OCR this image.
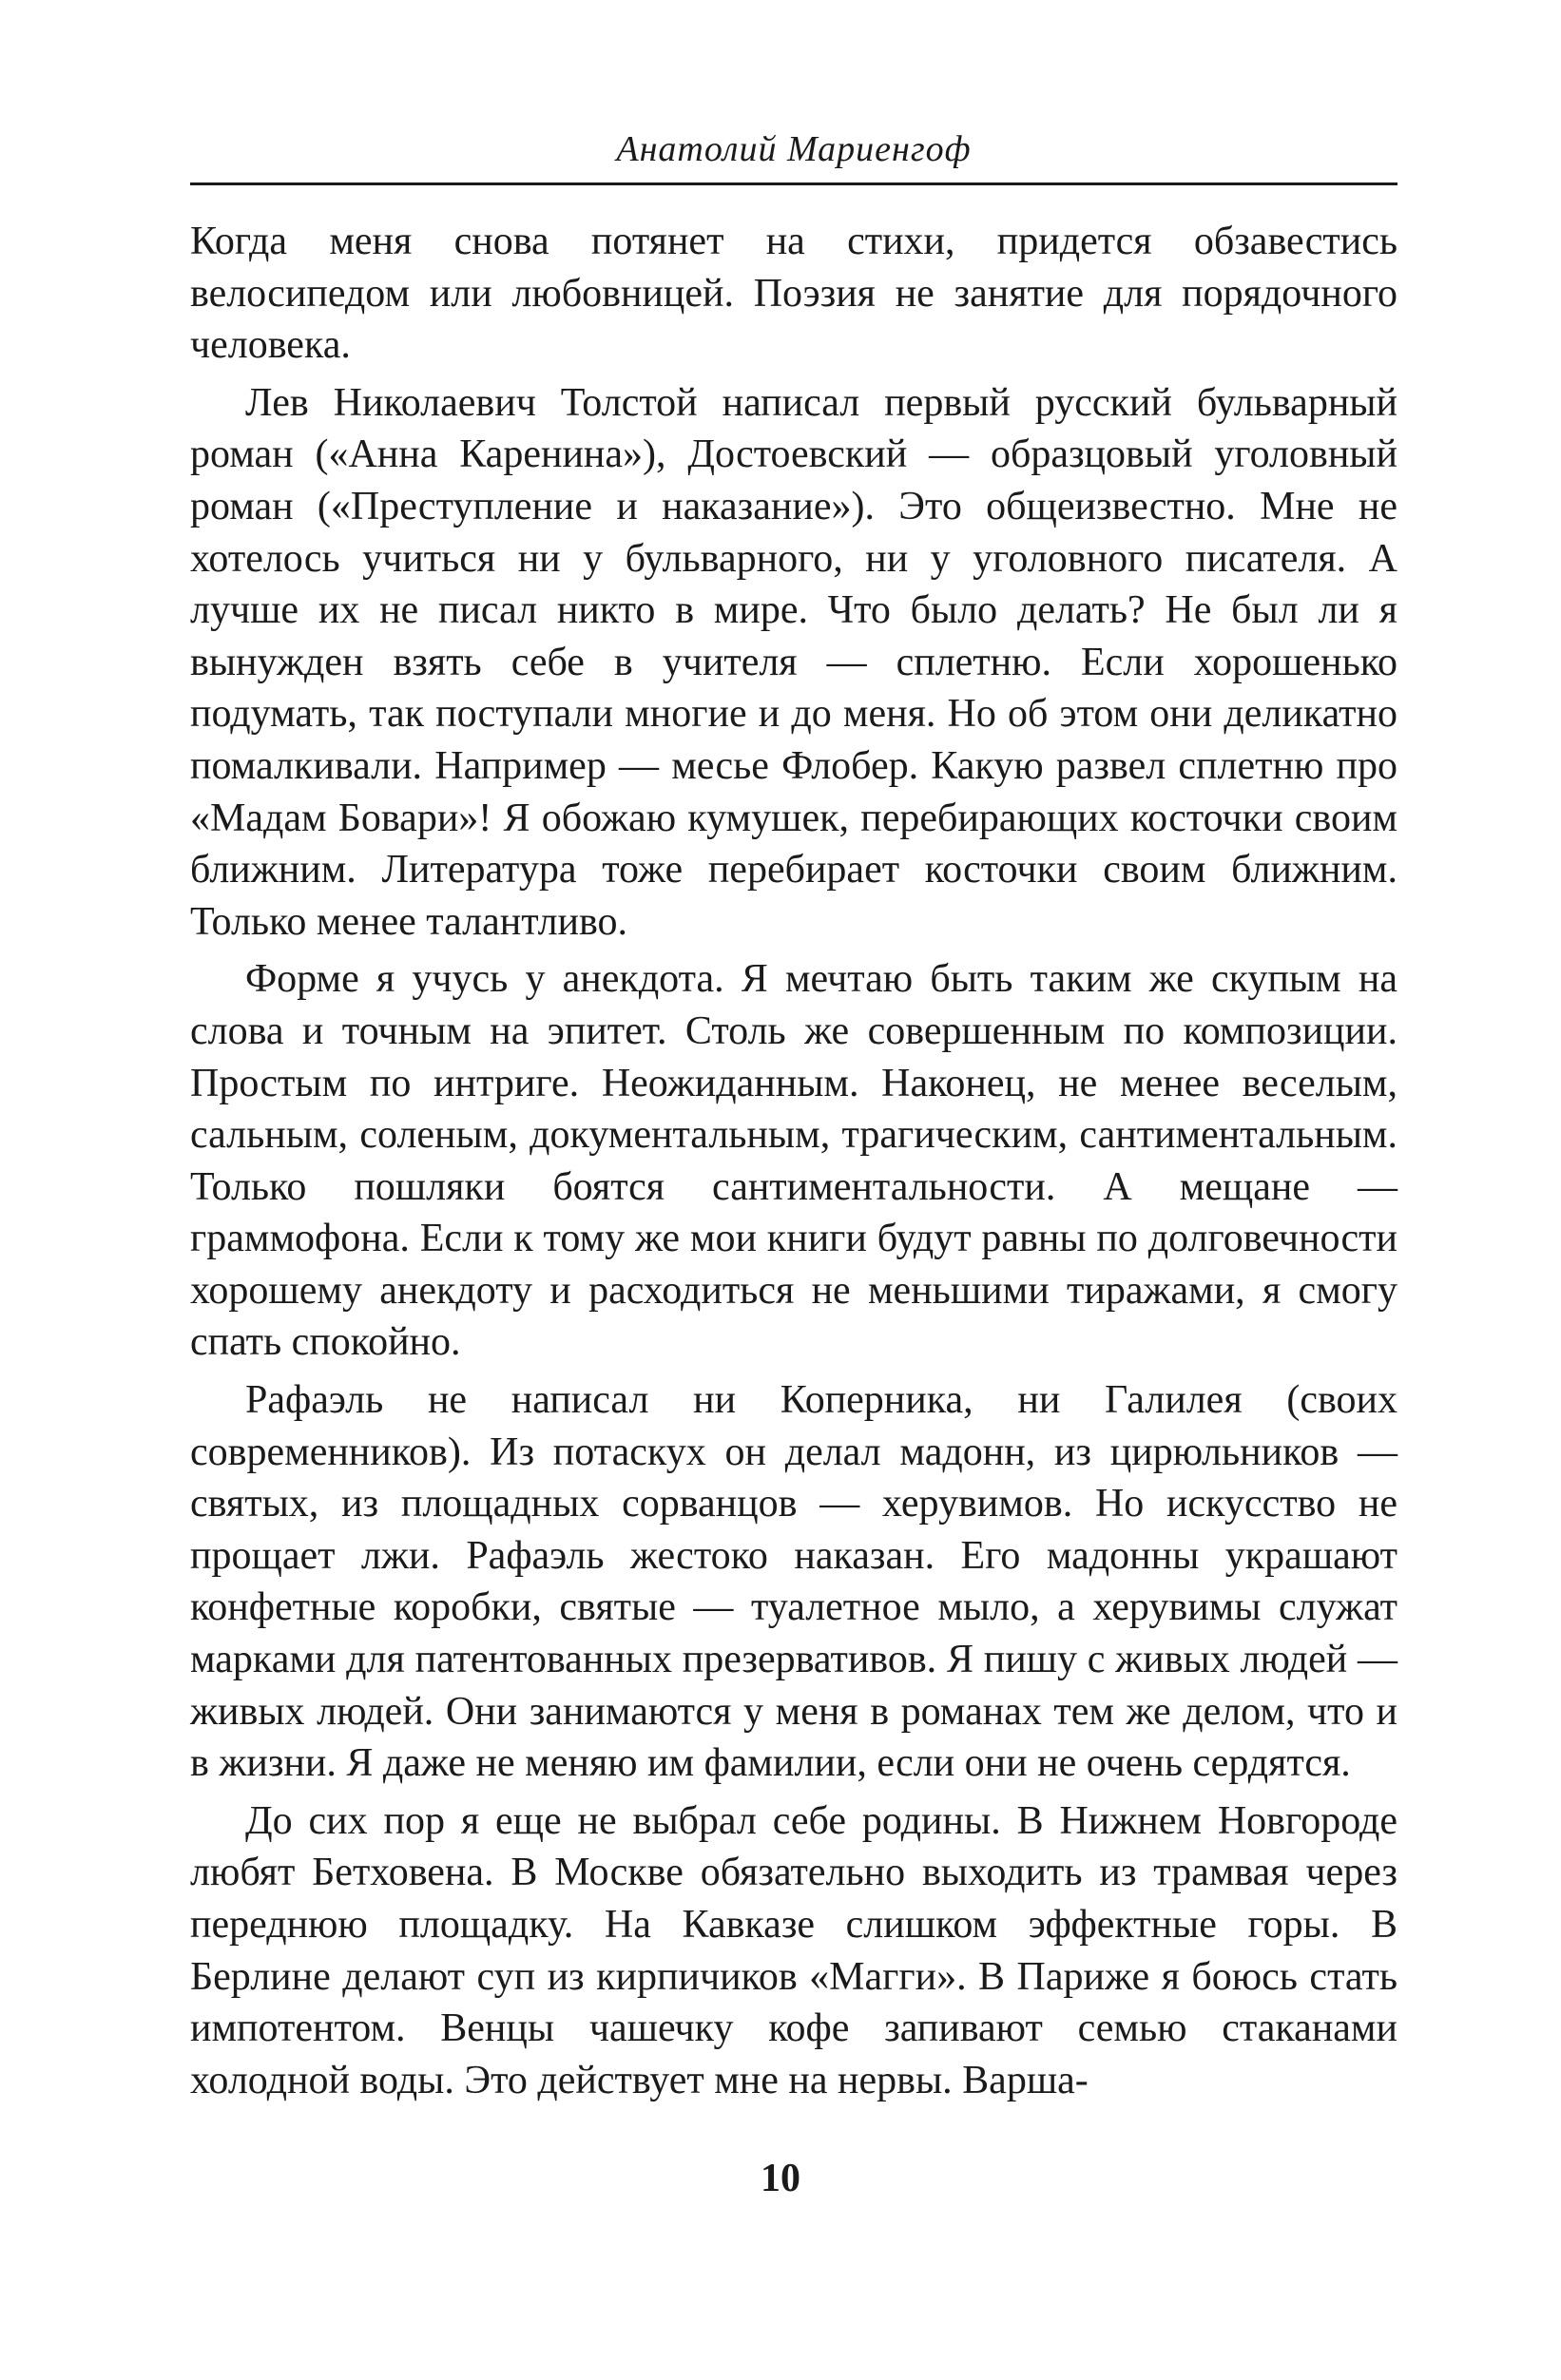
Анатолий Мариенгоф

Когда меня снова потянет на стихи, придется обзавестись велосипедом или любовницей. Поэзия не занятие для порядочного человека.

Лев Николаевич Толстой написал первый русский бульварный роман («Анна Каренина»), Достоевский — образцовый уголовный роман («Преступление и наказание»). Это общеизвестно. Мне не хотелось учиться ни у бульварного, ни у уголовного писателя. А лучше их не писал никто в мире. Что было делать? Не был ли я вынужден взять себе в учителя — сплетню. Если хорошенько подумать, так поступали многие и до меня. Но об этом они деликатно помалкивали. Например — месье Флобер. Какую развел сплетню про «Мадам Бовари»! Я обожаю кумушек, перебирающих косточки своим ближним. Литература тоже перебирает косточки своим ближним. Только менее талантливо.

Форме я учусь у анекдота. Я мечтаю быть таким же скупым на слова и точным на эпитет. Столь же совершенным по композиции. Простым по интриге. Неожиданным. Наконец, не менее веселым, сальным, соленым, документальным, трагическим, сантиментальным. Только пошляки боятся сантиментальности. А мещане — граммофона. Если к тому же мои книги будут равны по долговечности хорошему анекдоту и расходиться не меньшими тиражами, я смогу спать спокойно.

Рафаэль не написал ни Коперника, ни Галилея (своих современников). Из потаскух он делал мадонн, из цирюльников — святых, из площадных сорванцов — херувимов. Но искусство не прощает лжи. Рафаэль жестоко наказан. Его мадонны украшают конфетные коробки, святые — туалетное мыло, а херувимы служат марками для патентованных презервативов. Я пишу с живых людей — живых людей. Они занимаются у меня в романах тем же делом, что и в жизни. Я даже не меняю им фамилии, если они не очень сердятся.

До сих пор я еще не выбрал себе родины. В Нижнем Новгороде любят Бетховена. В Москве обязательно выходить из трамвая через переднюю площадку. На Кавказе слишком эффектные горы. В Берлине делают суп из кирпичиков «Магги». В Париже я боюсь стать импотентом. Венцы чашечку кофе запивают семью стаканами холодной воды. Это действует мне на нервы. Варша-

10
